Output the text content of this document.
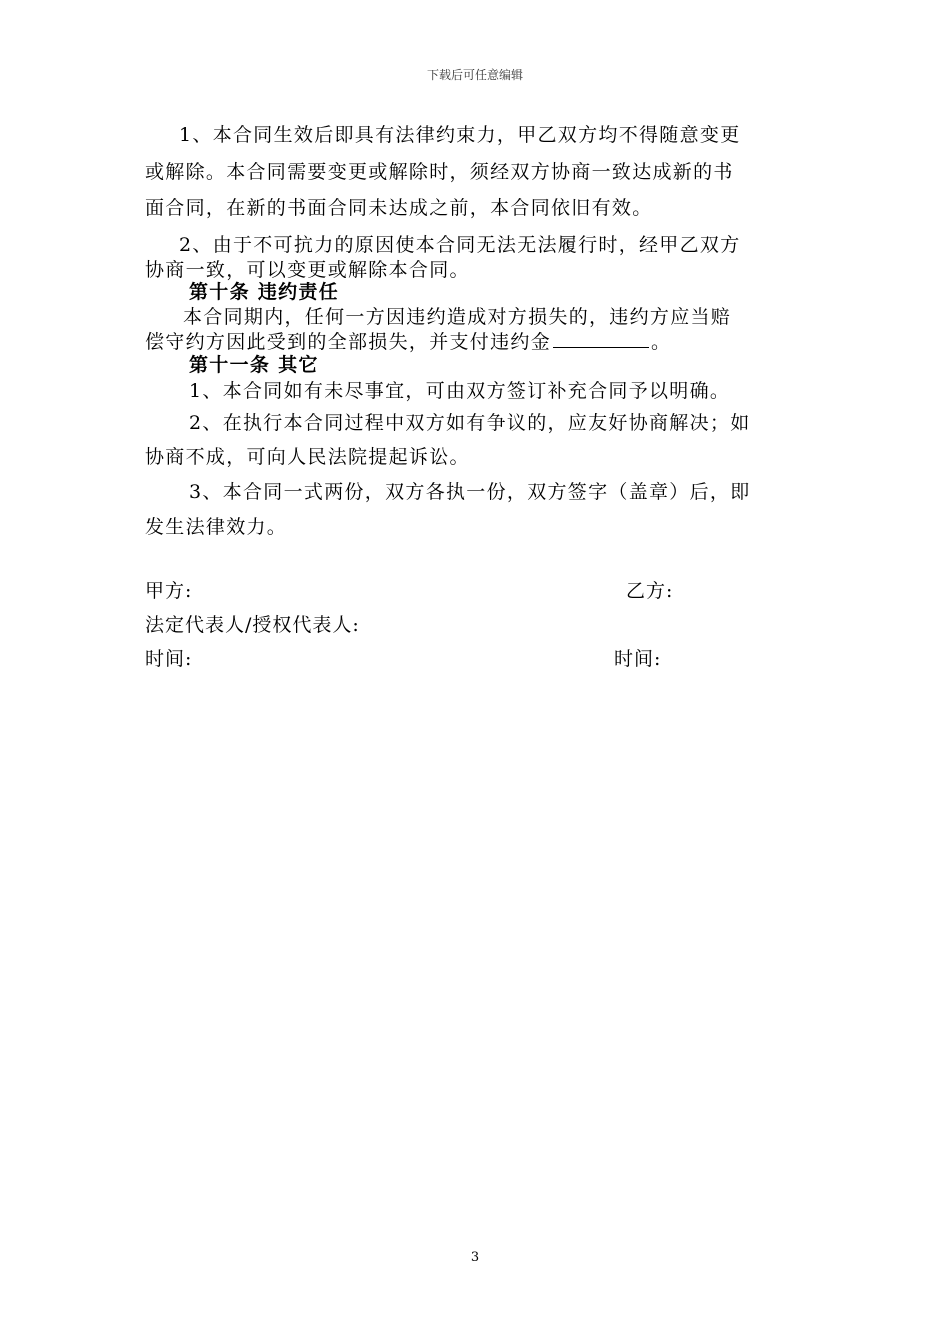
下载后可任意编辑
1、本合同生效后即具有法律约束力，甲乙双方均不得随意变更
或解除。本合同需要变更或解除时，须经双方协商一致达成新的书
面合同，在新的书面合同未达成之前，本合同依旧有效。
2、由于不可抗力的原因使本合同无法无法履行时，经甲乙双方
协商一致，可以变更或解除本合同。
第十条 违约责任
本合同期内，任何一方因违约造成对方损失的，违约方应当赔
偿守约方因此受到的全部损失，并支付违约金	。
第十一条 其它
1、本合同如有未尽事宜，可由双方签订补充合同予以明确。
2、在执行本合同过程中双方如有争议的，应友好协商解决；如
协商不成，可向人民法院提起诉讼。
3、本合同一式两份，双方各执一份，双方签字（盖章）后，即
发生法律效力。
甲方:	乙方:
法定代表人/授权代表人:
时间:	时间:
3
